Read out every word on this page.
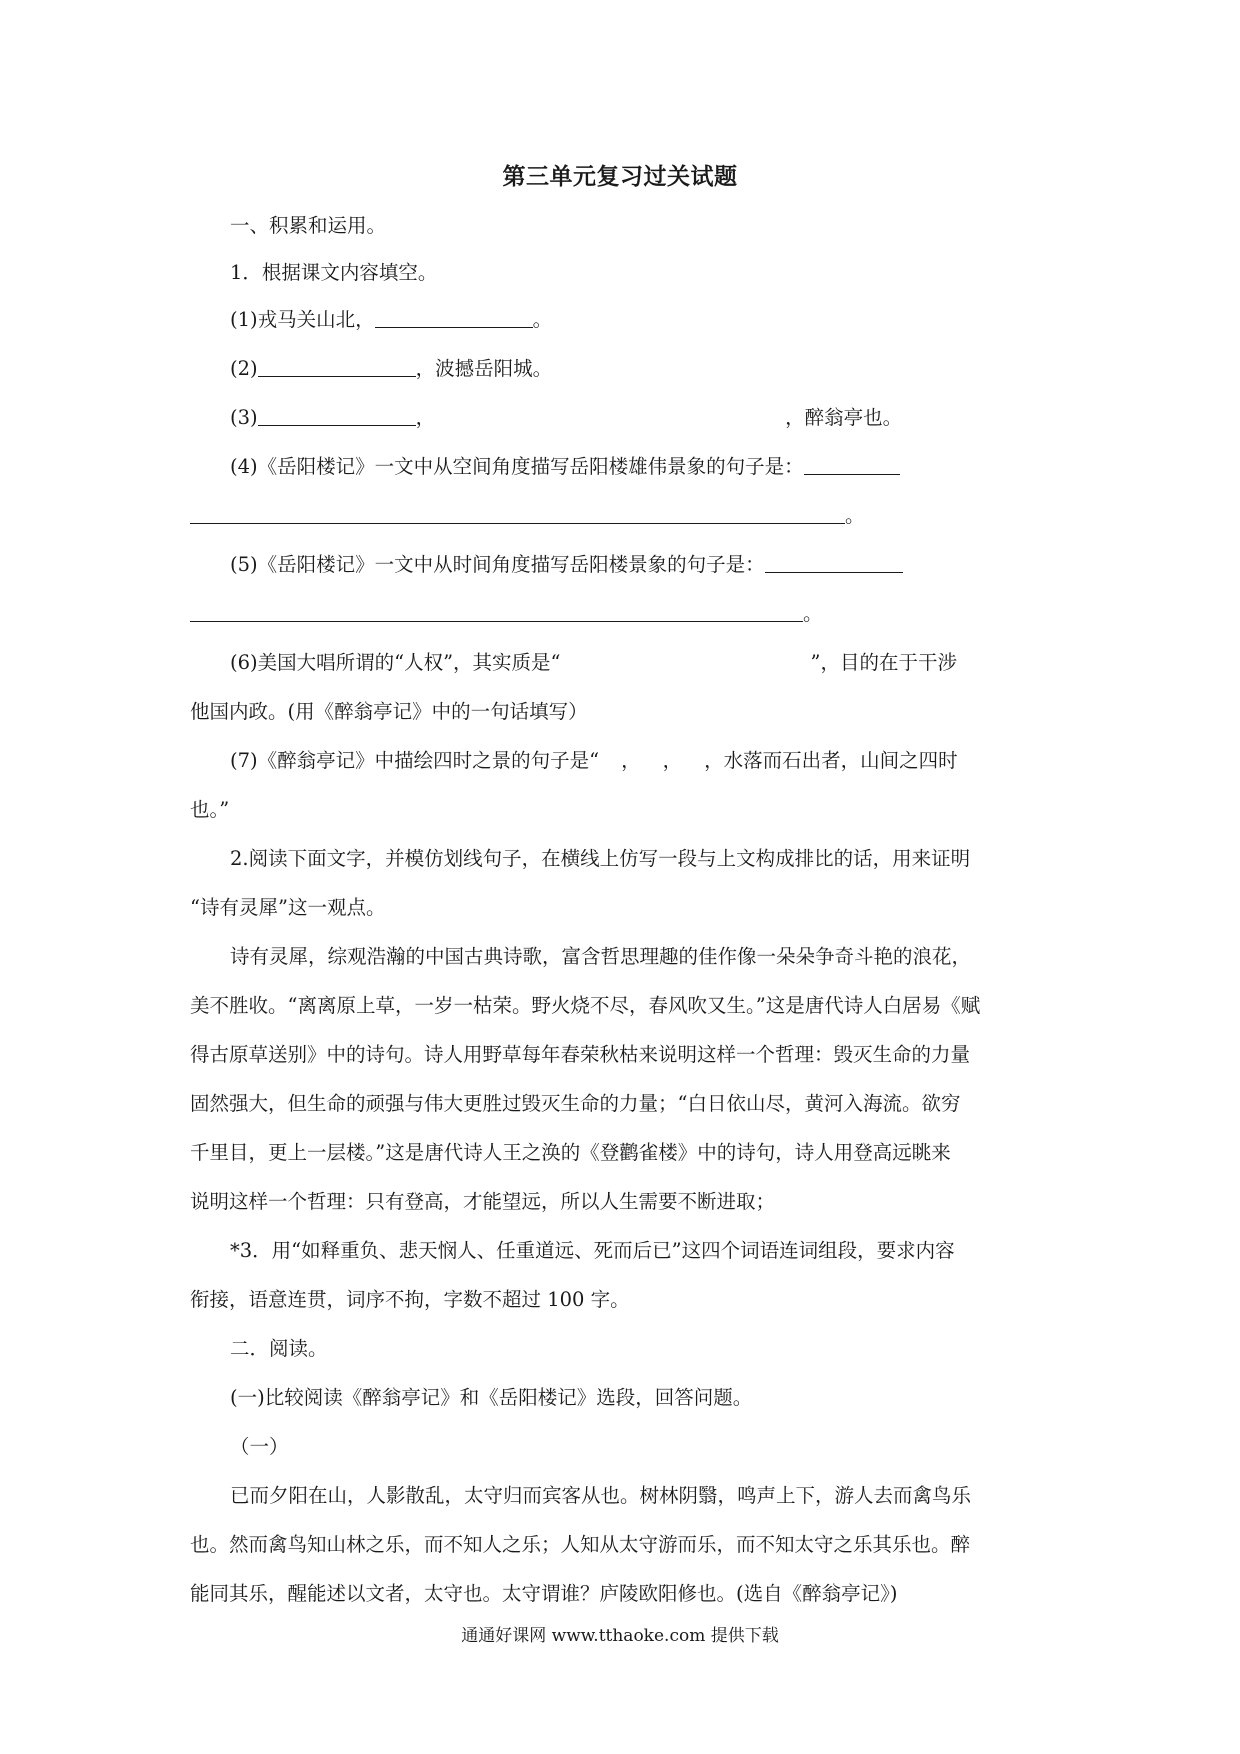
第三单元复习过关试题
一、积累和运用。
1．根据课文内容填空。
(1)戎马关山北，	。
(2)	，波撼岳阳城。
(3)	，	，醉翁亭也。
(4)《岳阳楼记》一文中从空间角度描写岳阳楼雄伟景象的句子是：
。
(5)《岳阳楼记》一文中从时间角度描写岳阳楼景象的句子是：
。
(6)美国大唱所谓的“人权”，其实质是“	”，目的在于干涉
他国内政。(用《醉翁亭记》中的一句话填写）
(7)《醉翁亭记》中描绘四时之景的句子是“ ， ， ，水落而石出者，山间之四时
也。”
2.阅读下面文字，并模仿划线句子，在横线上仿写一段与上文构成排比的话，用来证明
“诗有灵犀”这一观点。
诗有灵犀，综观浩瀚的中国古典诗歌，富含哲思理趣的佳作像一朵朵争奇斗艳的浪花，
美不胜收。“离离原上草，一岁一枯荣。野火烧不尽，春风吹又生。”这是唐代诗人白居易《赋
得古原草送别》中的诗句。诗人用野草每年春荣秋枯来说明这样一个哲理：毁灭生命的力量
固然强大，但生命的顽强与伟大更胜过毁灭生命的力量；“白日依山尽，黄河入海流。欲穷
千里目，更上一层楼。”这是唐代诗人王之涣的《登鹳雀楼》中的诗句，诗人用登高远眺来
说明这样一个哲理：只有登高，才能望远，所以人生需要不断进取；
*3．用“如释重负、悲天悯人、任重道远、死而后已”这四个词语连词组段，要求内容
衔接，语意连贯，词序不拘，字数不超过 100 字。
二．阅读。
(一)比较阅读《醉翁亭记》和《岳阳楼记》选段，回答问题。
（一）
已而夕阳在山，人影散乱，太守归而宾客从也。树林阴翳，鸣声上下，游人去而禽鸟乐
也。然而禽鸟知山林之乐，而不知人之乐；人知从太守游而乐，而不知太守之乐其乐也。醉
能同其乐，醒能述以文者，太守也。太守谓谁？庐陵欧阳修也。(选自《醉翁亭记》)
通通好课网 www.tthaoke.com 提供下载
